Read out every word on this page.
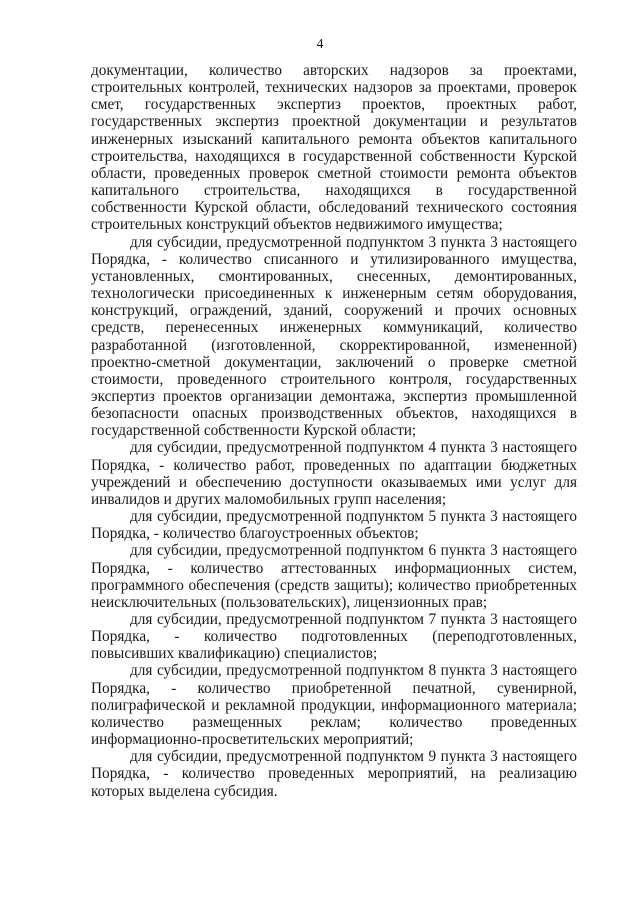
4

документации, количество авторских надзоров за проектами, строительных контролей, технических надзоров за проектами, проверок смет, государственных экспертиз проектов, проектных работ, государственных экспертиз проектной документации и результатов инженерных изысканий капитального ремонта объектов капитального строительства, находящихся в государственной собственности Курской области, проведенных проверок сметной стоимости ремонта объектов капитального строительства, находящихся в государственной собственности Курской области, обследований технического состояния строительных конструкций объектов недвижимого имущества;

для субсидии, предусмотренной подпунктом 3 пункта 3 настоящего Порядка, - количество списанного и утилизированного имущества, установленных, смонтированных, снесенных, демонтированных, технологически присоединенных к инженерным сетям оборудования, конструкций, ограждений, зданий, сооружений и прочих основных средств, перенесенных инженерных коммуникаций, количество разработанной (изготовленной, скорректированной, измененной) проектно-сметной документации, заключений о проверке сметной стоимости, проведенного строительного контроля, государственных экспертиз проектов организации демонтажа, экспертиз промышленной безопасности опасных производственных объектов, находящихся в государственной собственности Курской области;

для субсидии, предусмотренной подпунктом 4 пункта 3 настоящего Порядка, - количество работ, проведенных по адаптации бюджетных учреждений и обеспечению доступности оказываемых ими услуг для инвалидов и других маломобильных групп населения;

для субсидии, предусмотренной подпунктом 5 пункта 3 настоящего Порядка, - количество благоустроенных объектов;

для субсидии, предусмотренной подпунктом 6 пункта 3 настоящего Порядка, - количество аттестованных информационных систем, программного обеспечения (средств защиты); количество приобретенных неисключительных (пользовательских), лицензионных прав;

для субсидии, предусмотренной подпунктом 7 пункта 3 настоящего Порядка, - количество подготовленных (переподготовленных, повысивших квалификацию) специалистов;

для субсидии, предусмотренной подпунктом 8 пункта 3 настоящего Порядка, - количество приобретенной печатной, сувенирной, полиграфической и рекламной продукции, информационного материала; количество размещенных реклам; количество проведенных информационно-просветительских мероприятий;

для субсидии, предусмотренной подпунктом 9 пункта 3 настоящего Порядка, - количество проведенных мероприятий, на реализацию которых выделена субсидия.
